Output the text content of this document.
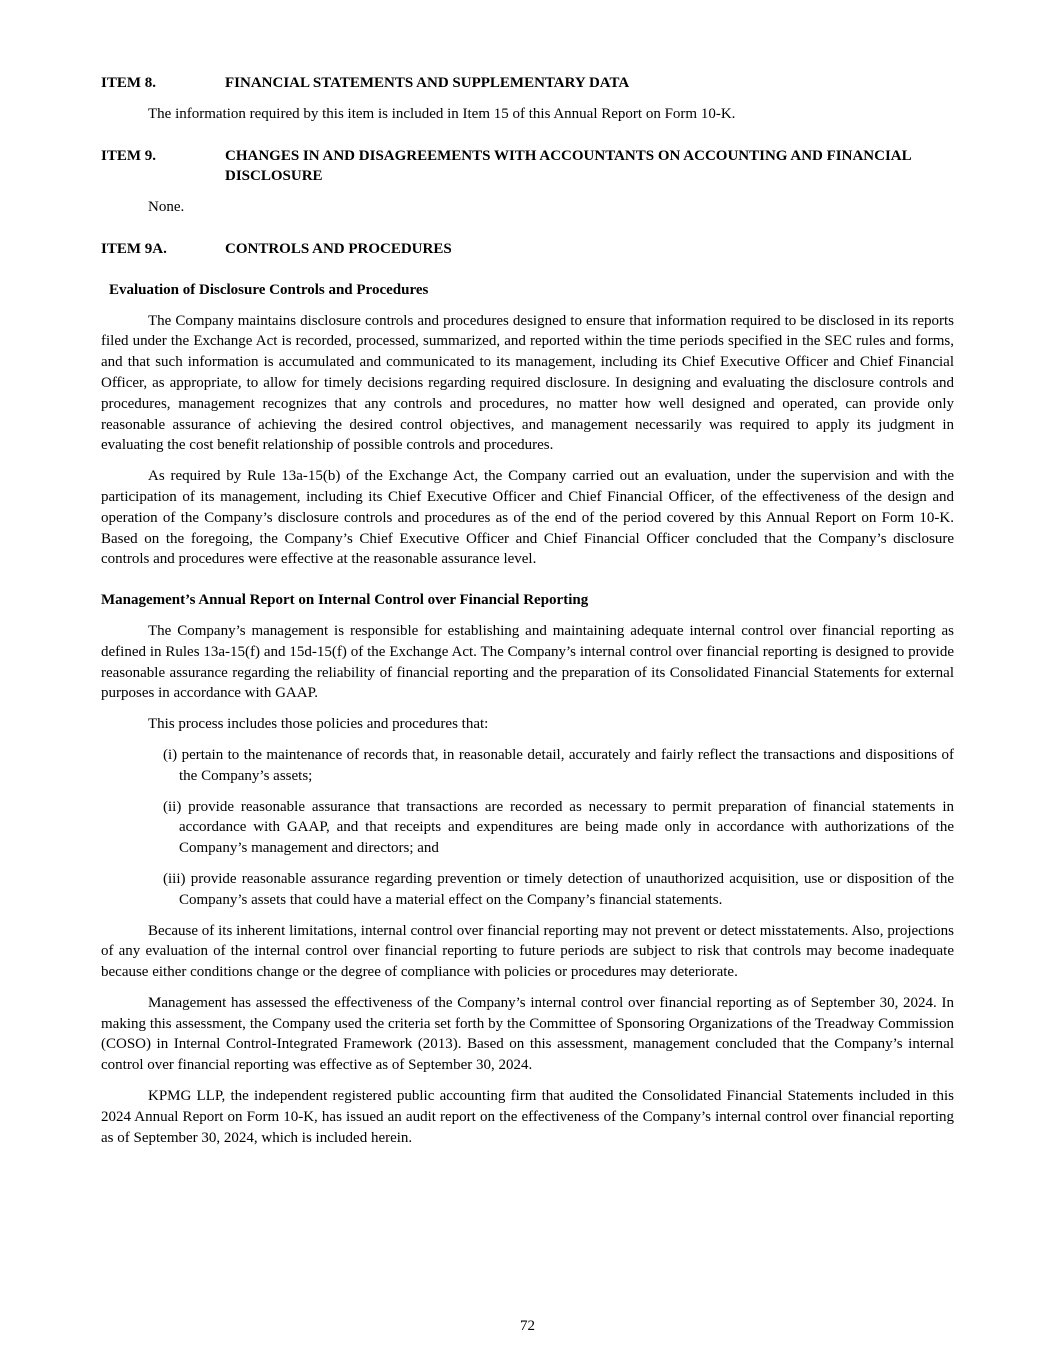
ITEM 8.	FINANCIAL STATEMENTS AND SUPPLEMENTARY DATA

The information required by this item is included in Item 15 of this Annual Report on Form 10-K.

ITEM 9.	CHANGES IN AND DISAGREEMENTS WITH ACCOUNTANTS ON ACCOUNTING AND FINANCIAL DISCLOSURE

None.

ITEM 9A.	CONTROLS AND PROCEDURES

Evaluation of Disclosure Controls and Procedures

The Company maintains disclosure controls and procedures designed to ensure that information required to be disclosed in its reports filed under the Exchange Act is recorded, processed, summarized, and reported within the time periods specified in the SEC rules and forms, and that such information is accumulated and communicated to its management, including its Chief Executive Officer and Chief Financial Officer, as appropriate, to allow for timely decisions regarding required disclosure. In designing and evaluating the disclosure controls and procedures, management recognizes that any controls and procedures, no matter how well designed and operated, can provide only reasonable assurance of achieving the desired control objectives, and management necessarily was required to apply its judgment in evaluating the cost benefit relationship of possible controls and procedures.

As required by Rule 13a-15(b) of the Exchange Act, the Company carried out an evaluation, under the supervision and with the participation of its management, including its Chief Executive Officer and Chief Financial Officer, of the effectiveness of the design and operation of the Company’s disclosure controls and procedures as of the end of the period covered by this Annual Report on Form 10-K. Based on the foregoing, the Company’s Chief Executive Officer and Chief Financial Officer concluded that the Company’s disclosure controls and procedures were effective at the reasonable assurance level.

Management’s Annual Report on Internal Control over Financial Reporting

The Company’s management is responsible for establishing and maintaining adequate internal control over financial reporting as defined in Rules 13a-15(f) and 15d-15(f) of the Exchange Act. The Company’s internal control over financial reporting is designed to provide reasonable assurance regarding the reliability of financial reporting and the preparation of its Consolidated Financial Statements for external purposes in accordance with GAAP.

This process includes those policies and procedures that:

(i) pertain to the maintenance of records that, in reasonable detail, accurately and fairly reflect the transactions and dispositions of the Company’s assets;

(ii) provide reasonable assurance that transactions are recorded as necessary to permit preparation of financial statements in accordance with GAAP, and that receipts and expenditures are being made only in accordance with authorizations of the Company’s management and directors; and

(iii) provide reasonable assurance regarding prevention or timely detection of unauthorized acquisition, use or disposition of the Company’s assets that could have a material effect on the Company’s financial statements.

Because of its inherent limitations, internal control over financial reporting may not prevent or detect misstatements. Also, projections of any evaluation of the internal control over financial reporting to future periods are subject to risk that controls may become inadequate because either conditions change or the degree of compliance with policies or procedures may deteriorate.

Management has assessed the effectiveness of the Company’s internal control over financial reporting as of September 30, 2024. In making this assessment, the Company used the criteria set forth by the Committee of Sponsoring Organizations of the Treadway Commission (COSO) in Internal Control-Integrated Framework (2013). Based on this assessment, management concluded that the Company’s internal control over financial reporting was effective as of September 30, 2024.

KPMG LLP, the independent registered public accounting firm that audited the Consolidated Financial Statements included in this 2024 Annual Report on Form 10-K, has issued an audit report on the effectiveness of the Company’s internal control over financial reporting as of September 30, 2024, which is included herein.

72
